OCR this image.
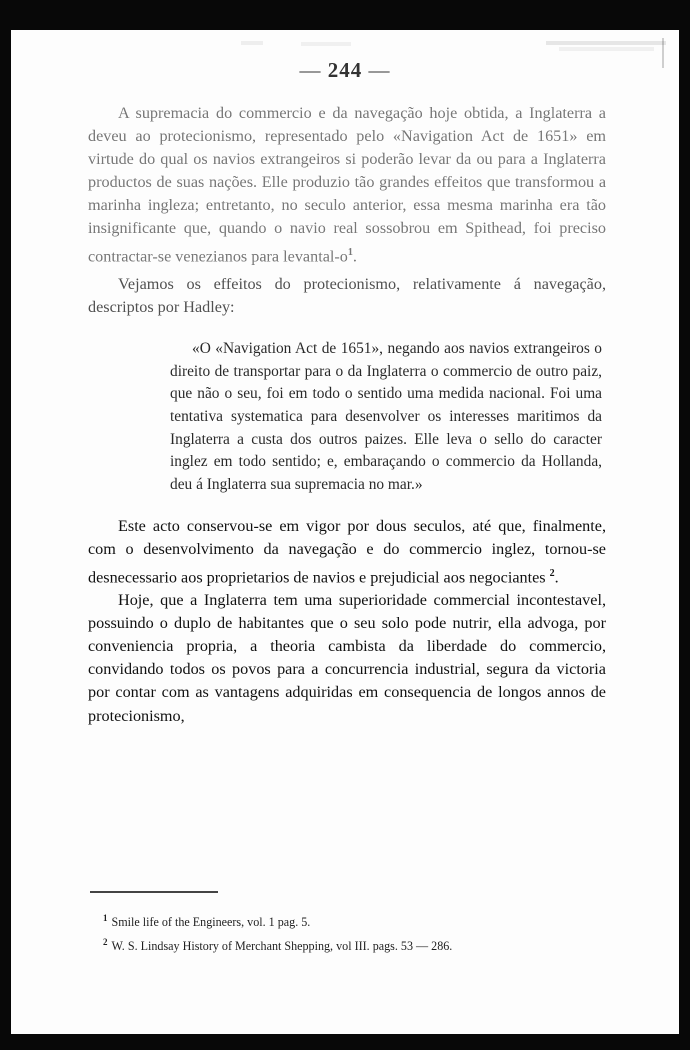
— 244 —

A supremacia do commercio e da navegação hoje obtida, a Inglaterra a deveu ao protecionismo, representado pelo «Navigation Act de 1651» em virtude do qual os navios extrangeiros si poderão levar da ou para a Inglaterra productos de suas nações. Elle produzio tão grandes effeitos que transformou a marinha ingleza; entretanto, no seculo anterior, essa mesma marinha era tão insignificante que, quando o navio real sossobrou em Spithead, foi preciso contractar-se venezianos para levantal-o$^1$.

Vejamos os effeitos do protecionismo, relativamente á navegação, descriptos por Hadley:

«O «Navigation Act de 1651», negando aos navios extrangeiros o direito de transportar para o da Inglaterra o commercio de outro paiz, que não o seu, foi em todo o sentido uma medida nacional. Foi uma tentativa systematica para desenvolver os interesses maritimos da Inglaterra a custa dos outros paizes. Elle leva o sello do caracter inglez em todo sentido; e, embaraçando o commercio da Hollanda, deu á Inglaterra sua supremacia no mar.»

Este acto conservou-se em vigor por dous seculos, até que, finalmente, com o desenvolvimento da navegação e do commercio inglez, tornou-se desnecessario aos proprietarios de navios e prejudicial aos negociantes $^2$.

Hoje, que a Inglaterra tem uma superioridade commercial incontestavel, possuindo o duplo de habitantes que o seu solo pode nutrir, ella advoga, por conveniencia propria, a theoria cambista da liberdade do commercio, convidando todos os povos para a concurrencia industrial, segura da victoria por contar com as vantagens adquiridas em consequencia de longos annos de protecionismo,

$^1$ Smile life of the Engineers, vol. 1 pag. 5.
$^2$ W. S. Lindsay History of Merchant Shepping, vol III. pags. 53 — 286.
